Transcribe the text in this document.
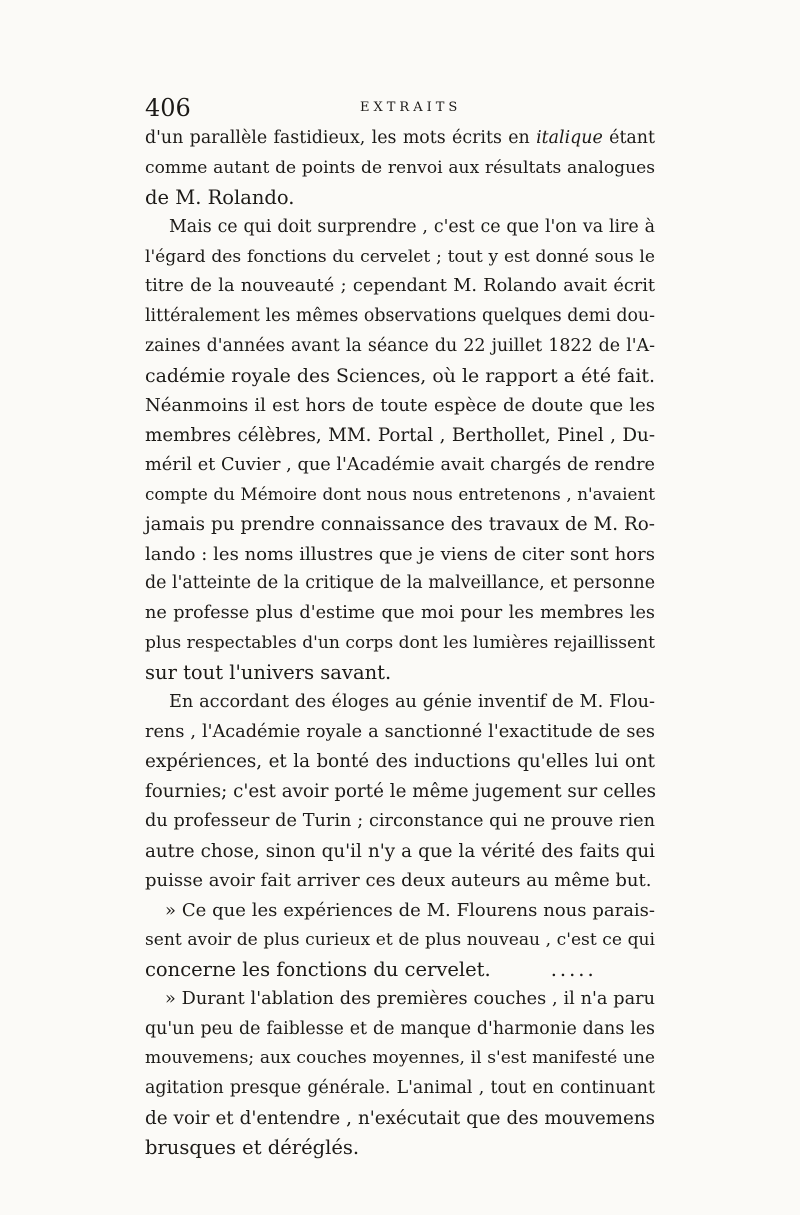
406	EXTRAITS
d'un parallèle fastidieux, les mots écrits en italique étant
comme autant de points de renvoi aux résultats analogues
de M. Rolando.
Mais ce qui doit surprendre , c'est ce que l'on va lire à
l'égard des fonctions du cervelet ; tout y est donné sous le
titre de la nouveauté ; cependant M. Rolando avait écrit
littéralement les mêmes observations quelques demi dou-
zaines d'années avant la séance du 22 juillet 1822 de l'A-
cadémie royale des Sciences, où le rapport a été fait.
Néanmoins il est hors de toute espèce de doute que les
membres célèbres, MM. Portal , Berthollet, Pinel , Du-
méril et Cuvier , que l'Académie avait chargés de rendre
compte du Mémoire dont nous nous entretenons , n'avaient
jamais pu prendre connaissance des travaux de M. Ro-
lando : les noms illustres que je viens de citer sont hors
de l'atteinte de la critique de la malveillance, et personne
ne professe plus d'estime que moi pour les membres les
plus respectables d'un corps dont les lumières rejaillissent
sur tout l'univers savant.
En accordant des éloges au génie inventif de M. Flou-
rens , l'Académie royale a sanctionné l'exactitude de ses
expériences, et la bonté des inductions qu'elles lui ont
fournies; c'est avoir porté le même jugement sur celles
du professeur de Turin ; circonstance qui ne prouve rien
autre chose, sinon qu'il n'y a que la vérité des faits qui
puisse avoir fait arriver ces deux auteurs au même but.
» Ce que les expériences de M. Flourens nous parais-
sent avoir de plus curieux et de plus nouveau , c'est ce qui
concerne les fonctions du cervelet.	.....
» Durant l'ablation des premières couches , il n'a paru
qu'un peu de faiblesse et de manque d'harmonie dans les
mouvemens; aux couches moyennes, il s'est manifesté une
agitation presque générale. L'animal , tout en continuant
de voir et d'entendre , n'exécutait que des mouvemens
brusques et déréglés.
